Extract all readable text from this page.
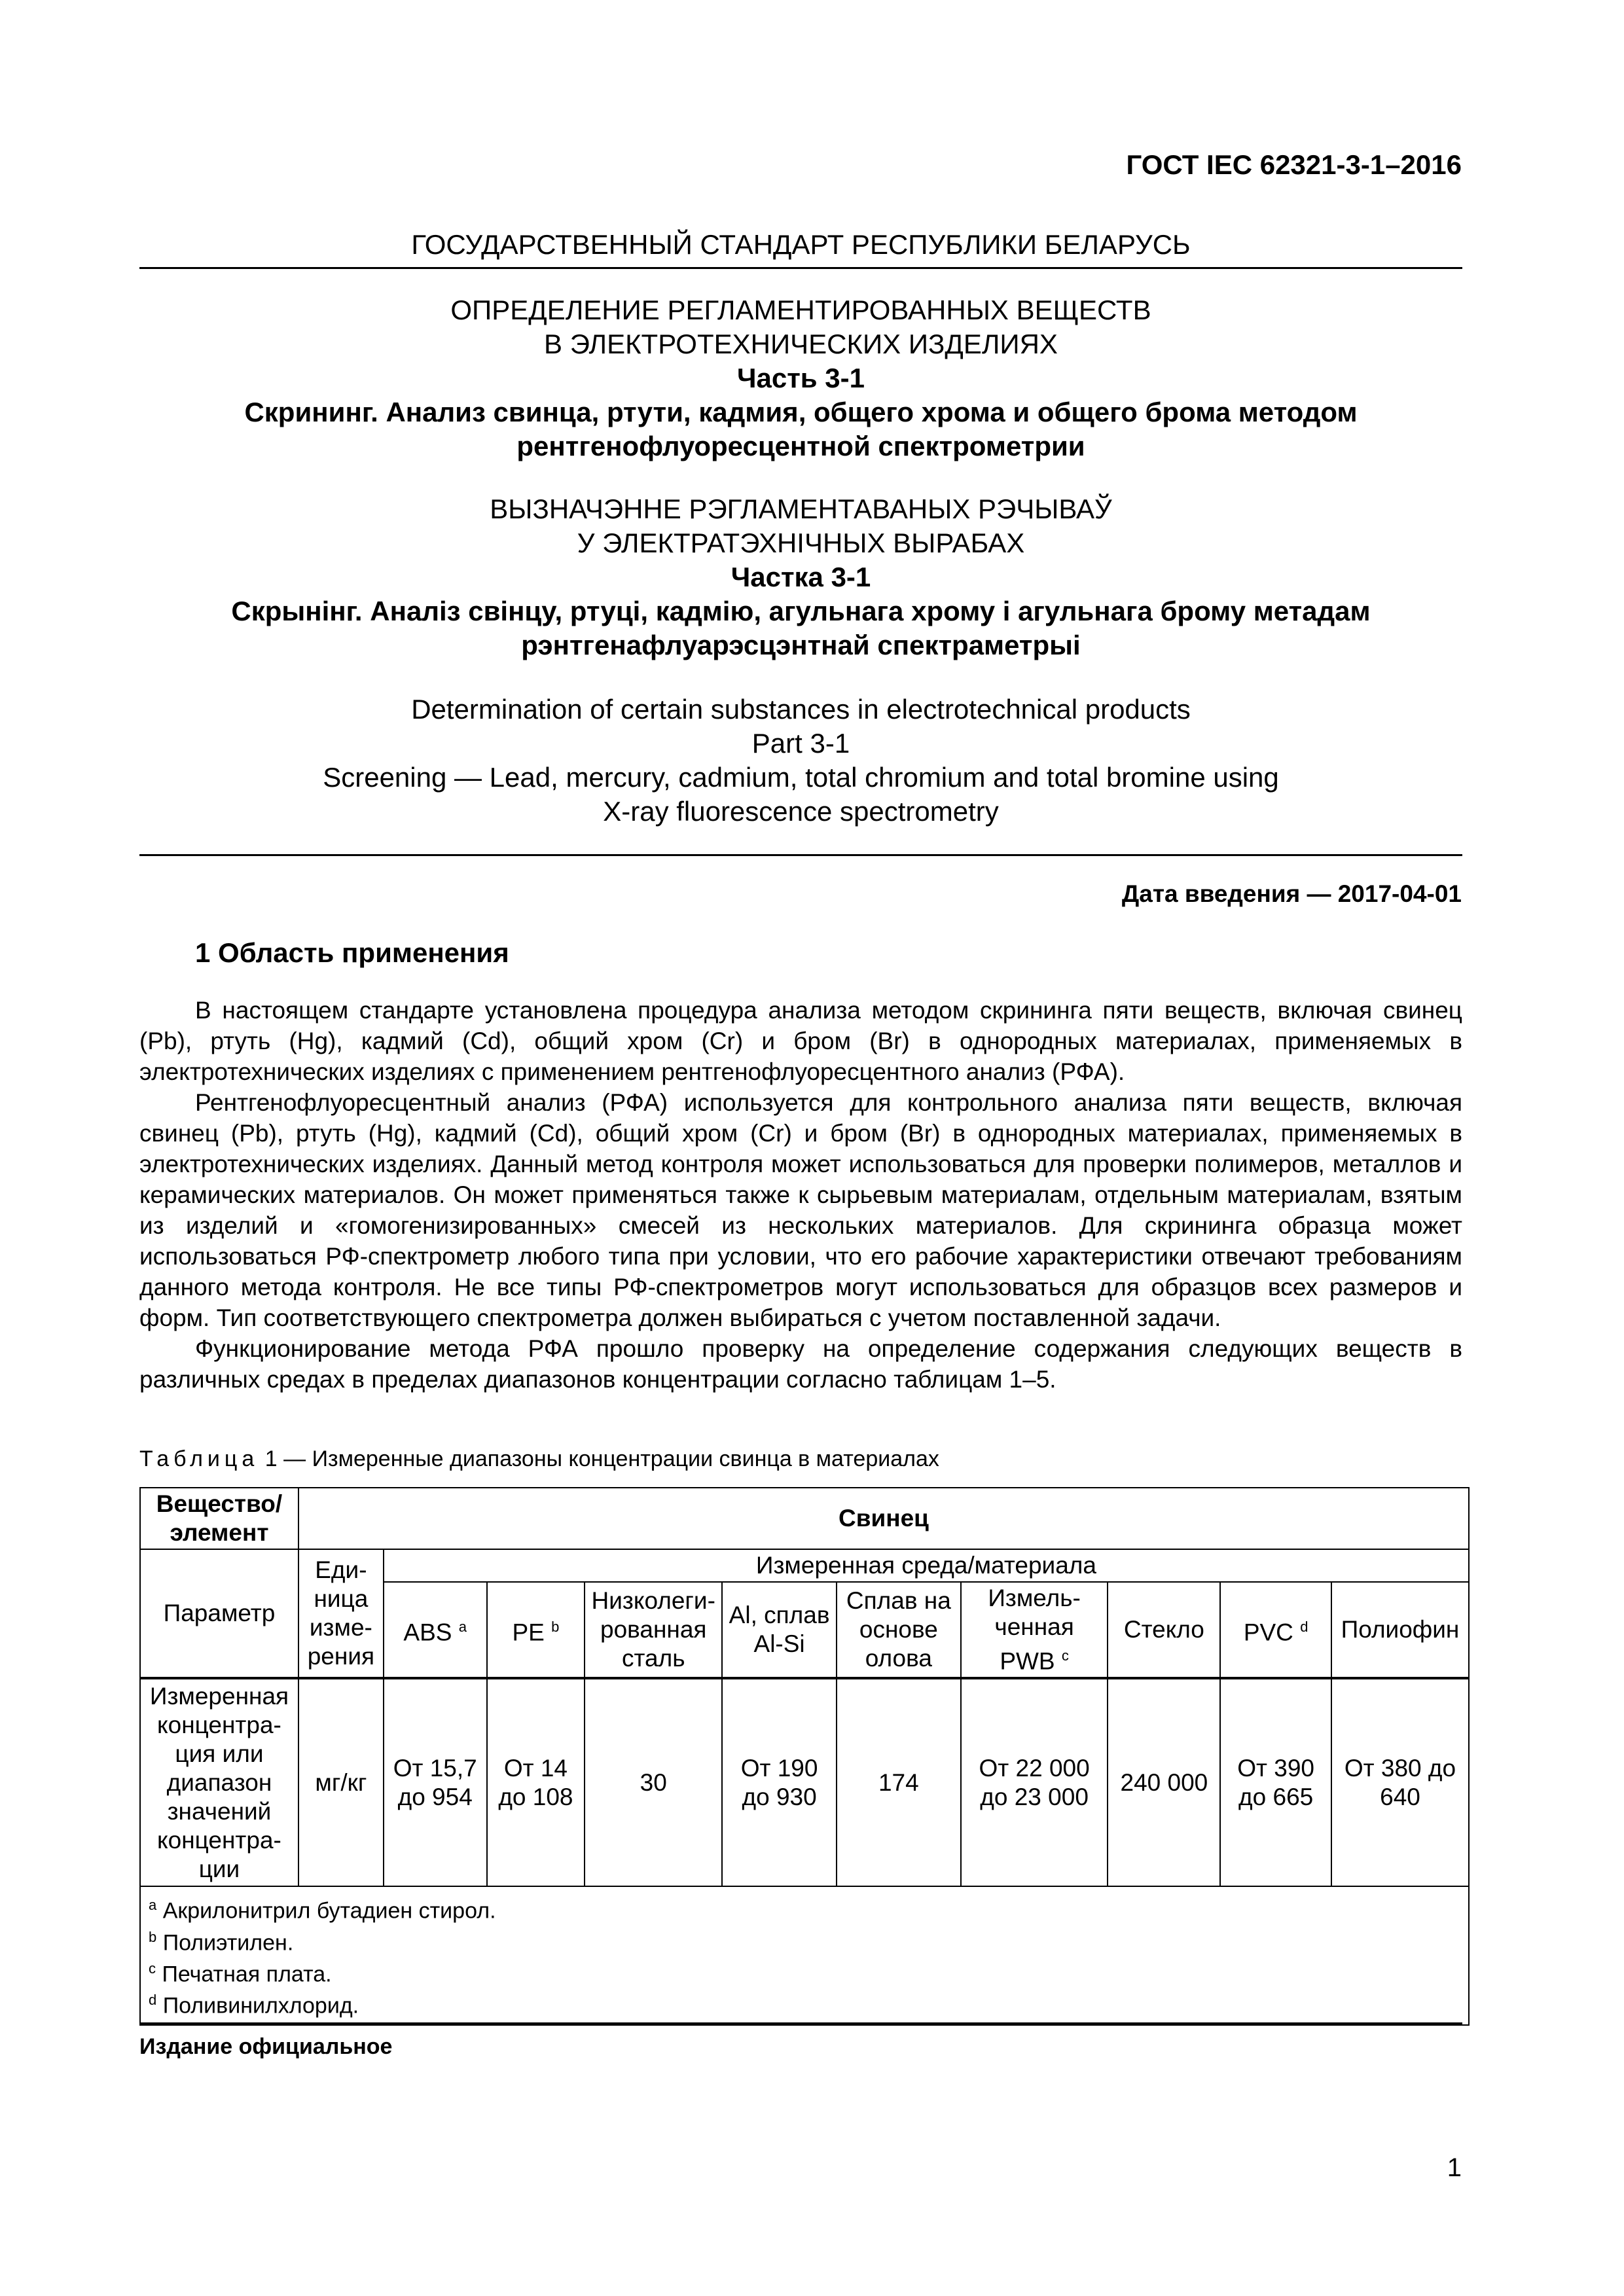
ГОСТ IEC 62321-3-1–2016
ГОСУДАРСТВЕННЫЙ СТАНДАРТ РЕСПУБЛИКИ БЕЛАРУСЬ
ОПРЕДЕЛЕНИЕ РЕГЛАМЕНТИРОВАННЫХ ВЕЩЕСТВ
В ЭЛЕКТРОТЕХНИЧЕСКИХ ИЗДЕЛИЯХ
Часть 3-1
Скрининг. Анализ свинца, ртути, кадмия, общего хрома и общего брома методом
рентгенофлуоресцентной спектрометрии
ВЫЗНАЧЭННЕ РЭГЛАМЕНТАВАНЫХ РЭЧЫВАЎ
У ЭЛЕКТРАТЭХНІЧНЫХ ВЫРАБАХ
Частка 3-1
Скрынінг. Аналіз свінцу, ртуці, кадмію, агульнага хрому і агульнага брому метадам
рэнтгенафлуарэсцэнтнай спектраметрыі
Determination of certain substances in electrotechnical products
Part 3-1
Screening — Lead, mercury, cadmium, total chromium and total bromine using
X-ray fluorescence spectrometry
Дата введения — 2017-04-01
1 Область применения

В настоящем стандарте установлена процедура анализа методом скрининга пяти веществ, включая свинец (Pb), ртуть (Hg), кадмий (Cd), общий хром (Cr) и бром (Br) в однородных материалах, применяемых в электротехнических изделиях с применением рентгенофлуоресцентного анализ (РФА).

Рентгенофлуоресцентный анализ (РФА) используется для контрольного анализа пяти веществ, включая свинец (Pb), ртуть (Hg), кадмий (Cd), общий хром (Cr) и бром (Br) в однородных материалах, применяемых в электротехнических изделиях. Данный метод контроля может использоваться для проверки полимеров, металлов и керамических материалов. Он может применяться также к сырьевым материалам, отдельным материалам, взятым из изделий и «гомогенизированных» смесей из нескольких материалов. Для скрининга образца может использоваться РФ-спектрометр любого типа при условии, что его рабочие характеристики отвечают требованиям данного метода контроля. Не все типы РФ-спектрометров могут использоваться для образцов всех размеров и форм. Тип соответствующего спектрометра должен выбираться с учетом поставленной задачи.

Функционирование метода РФА прошло проверку на определение содержания следующих веществ в различных средах в пределах диапазонов концентрации согласно таблицам 1–5.

Таблица 1 — Измеренные диапазоны концентрации свинца в материалах
Вещество/ элемент	Свинец									
Параметр	Единица измерения	Измеренная среда/материала								
		ABS $^a$	PE $^b$	Низколегированная сталь	Al, сплав Al-Si	Сплав на основе олова	Измельченная PWB $^c$	Стекло	PVC $^d$	Полиофин
Измеренная концентрация или диапазон значений концентрации	мг/кг	От 15,7 до 954	От 14 до 108	30	От 190 до 930	174	От 22 000 до 23 000	240 000	От 390 до 665	От 380 до 640

$^a$ Акрилонитрил бутадиен стирол.
$^b$ Полиэтилен.
$^c$ Печатная плата.
$^d$ Поливинилхлорид.										
Издание официальное
1
